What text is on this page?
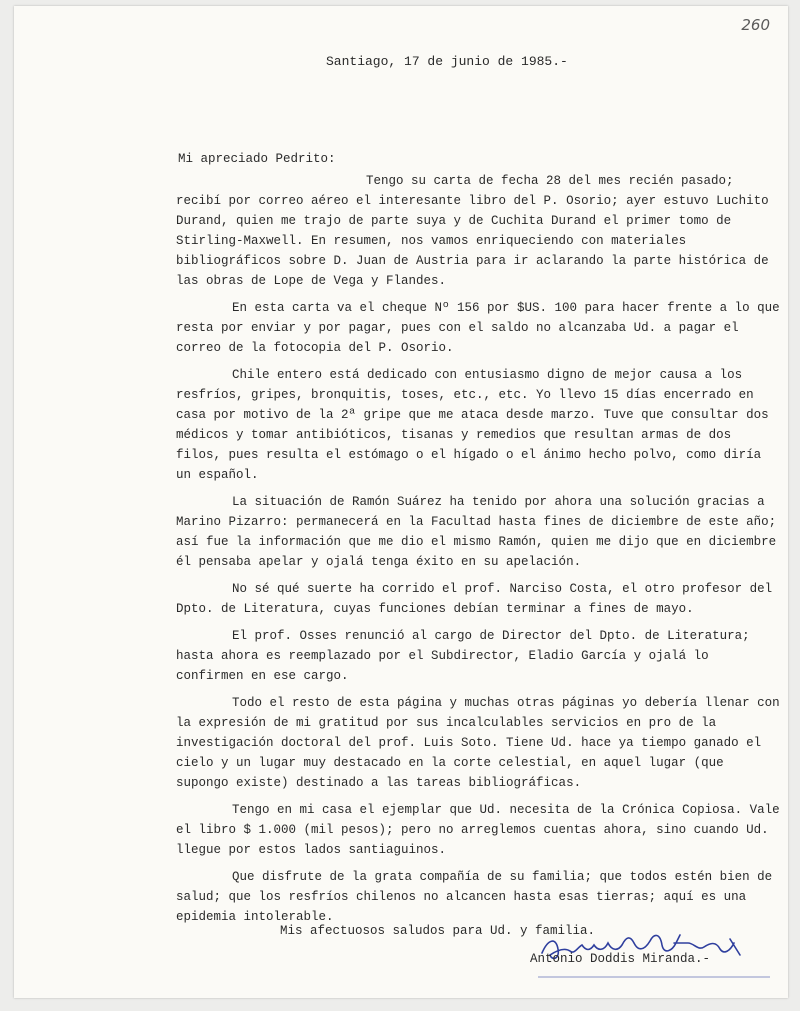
260
Santiago, 17 de junio de 1985.-
Mi apreciado Pedrito:

Tengo su carta de fecha 28 del mes recién pasado; recibí por correo aéreo el interesante libro del P. Osorio; ayer estuvo Luchito Durand, quien me trajo de parte suya y de Cuchita Durand el primer tomo de Stirling-Maxwell. En resumen, nos vamos enriqueciendo con materiales bibliográficos sobre D. Juan de Austria para ir aclarando la parte histórica de las obras de Lope de Vega y Flandes.

En esta carta va el cheque Nº 156 por $US. 100 para hacer frente a lo que resta por enviar y por pagar, pues con el saldo no alcanzaba Ud. a pagar el correo de la fotocopia del P. Osorio.

Chile entero está dedicado con entusiasmo digno de mejor causa a los resfríos, gripes, bronquitis, toses, etc., etc. Yo llevo 15 días encerrado en casa por motivo de la 2ª gripe que me ataca desde marzo. Tuve que consultar dos médicos y tomar antibióticos, tisanas y remedios que resultan armas de dos filos, pues resulta el estómago o el hígado o el ánimo hecho polvo, como diría un español.

La situación de Ramón Suárez ha tenido por ahora una solución gracias a Marino Pizarro: permanecerá en la Facultad hasta fines de diciembre de este año; así fue la información que me dio el mismo Ramón, quien me dijo que en diciembre él pensaba apelar y ojalá tenga éxito en su apelación.

No sé qué suerte ha corrido el prof. Narciso Costa, el otro profesor del Dpto. de Literatura, cuyas funciones debían terminar a fines de mayo.

El prof. Osses renunció al cargo de Director del Dpto. de Literatura; hasta ahora es reemplazado por el Subdirector, Eladio García y ojalá lo confirmen en ese cargo.

Todo el resto de esta página y muchas otras páginas yo debería llenar con la expresión de mi gratitud por sus incalculables servicios en pro de la investigación doctoral del prof. Luis Soto. Tiene Ud. hace ya tiempo ganado el cielo y un lugar muy destacado en la corte celestial, en aquel lugar (que supongo existe) destinado a las tareas bibliográficas.

Tengo en mi casa el ejemplar que Ud. necesita de la Crónica Copiosa. Vale el libro $ 1.000 (mil pesos); pero no arreglemos cuentas ahora, sino cuando Ud. llegue por estos lados santiaguinos.

Que disfrute de la grata compañía de su familia; que todos estén bien de salud; que los resfríos chilenos no alcancen hasta esas tierras; aquí es una epidemia intolerable.

Mis afectuosos saludos para Ud. y familia.
Antonio Doddis Miranda.-
